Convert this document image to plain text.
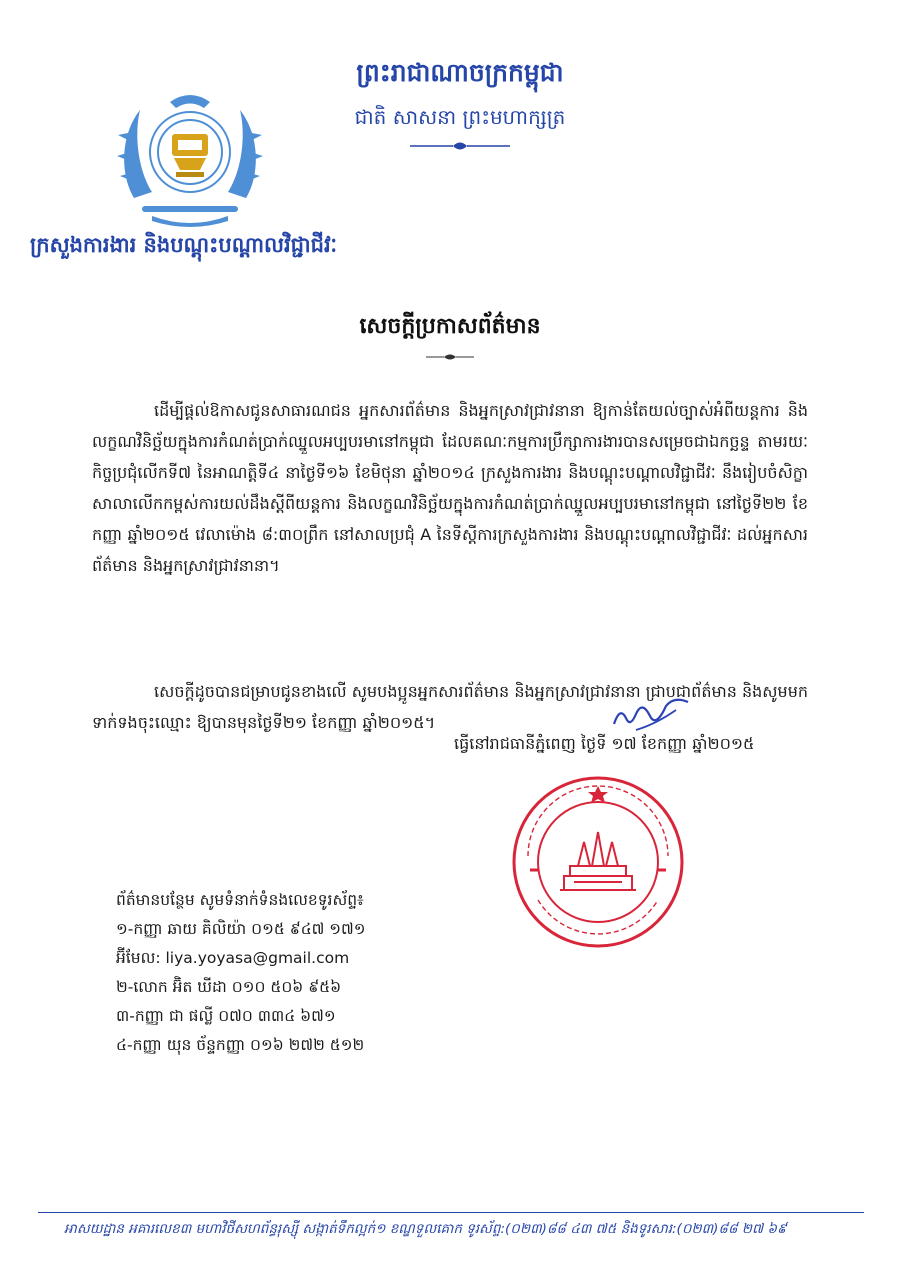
ព្រះរាជាណាចក្រកម្ពុជា
ជាតិ សាសនា ព្រះមហាក្សត្រ
ក្រសួងការងារ និងបណ្តុះបណ្តាលវិជ្ជាជីវៈ
សេចក្តីប្រកាសព័ត៌មាន
ដើម្បីផ្តល់ឱកាសជូនសាធារណជន អ្នកសារព័ត៌មាន និងអ្នកស្រាវជ្រាវនានា ឱ្យកាន់តែយល់ច្បាស់អំពីយន្តការ និងលក្ខណវិនិច្ឆ័យក្នុងការកំណត់ប្រាក់ឈ្នួលអប្បបរមានៅកម្ពុជា ដែលគណៈកម្មការប្រឹក្សាការងារបានសម្រេចជាឯកច្ឆន្ទ តាមរយៈកិច្ចប្រជុំលើកទី៧ នៃអាណត្តិទី៤ នាថ្ងៃទី១៦ ខែមិថុនា ឆ្នាំ២០១៤ ក្រសួងការងារ និងបណ្តុះបណ្តាលវិជ្ជាជីវៈ នឹងរៀបចំសិក្ខាសាលាលើកកម្ពស់ការយល់ដឹងស្តីពីយន្តការ និងលក្ខណវិនិច្ឆ័យក្នុងការកំណត់ប្រាក់ឈ្នួលអប្បបរមានៅកម្ពុជា នៅថ្ងៃទី២២ ខែកញ្ញា ឆ្នាំ២០១៥ វេលាម៉ោង ៨:៣០ព្រឹក នៅសាលប្រជុំ A នៃទីស្តីការក្រសួងការងារ និងបណ្តុះបណ្តាលវិជ្ជាជីវៈ ដល់អ្នកសារព័ត៌មាន និងអ្នកស្រាវជ្រាវនានា។
សេចក្តីដូចបានជម្រាបជូនខាងលើ សូមបងប្អូនអ្នកសារព័ត៌មាន និងអ្នកស្រាវជ្រាវនានា ជ្រាបជាព័ត៌មាន និងសូមមកទាក់ទងចុះឈ្មោះ ឱ្យបានមុនថ្ងៃទី២១ ខែកញ្ញា ឆ្នាំ២០១៥។
ធ្វើនៅរាជធានីភ្នំពេញ ថ្ងៃទី ១៧ ខែកញ្ញា ឆ្នាំ២០១៥
ព័ត៌មានបន្ថែម សូមទំនាក់ទំនងលេខទូរស័ព្ទ៖
១-កញ្ញា ឆាយ គិលិយ៉ា ០១៥ ៩៤៧ ១៧១
អ៊ីមែល: liya.yoyasa@gmail.com
២-លោក អ៊ិត ឃីដា ០១០ ៥០៦ ៩៥៦
៣-កញ្ញា ជា ផល្លី ០៧០ ៣៣៤ ៦៧១
៤-កញ្ញា យុន ច័ន្ទកញ្ញា ០១៦ ២៧២ ៥១២
អាសយដ្ឋាន អគារលេខ៣ មហាវិថីសហព័ន្ធរុស្ស៊ី សង្កាត់ទឹកល្អក់១ ខណ្ឌទួលគោក ទូរស័ព្ទ:(០២៣)៨៨ ៤៣ ៧៥ និងទូរសារ:(០២៣)៨៨ ២៧ ៦៩
